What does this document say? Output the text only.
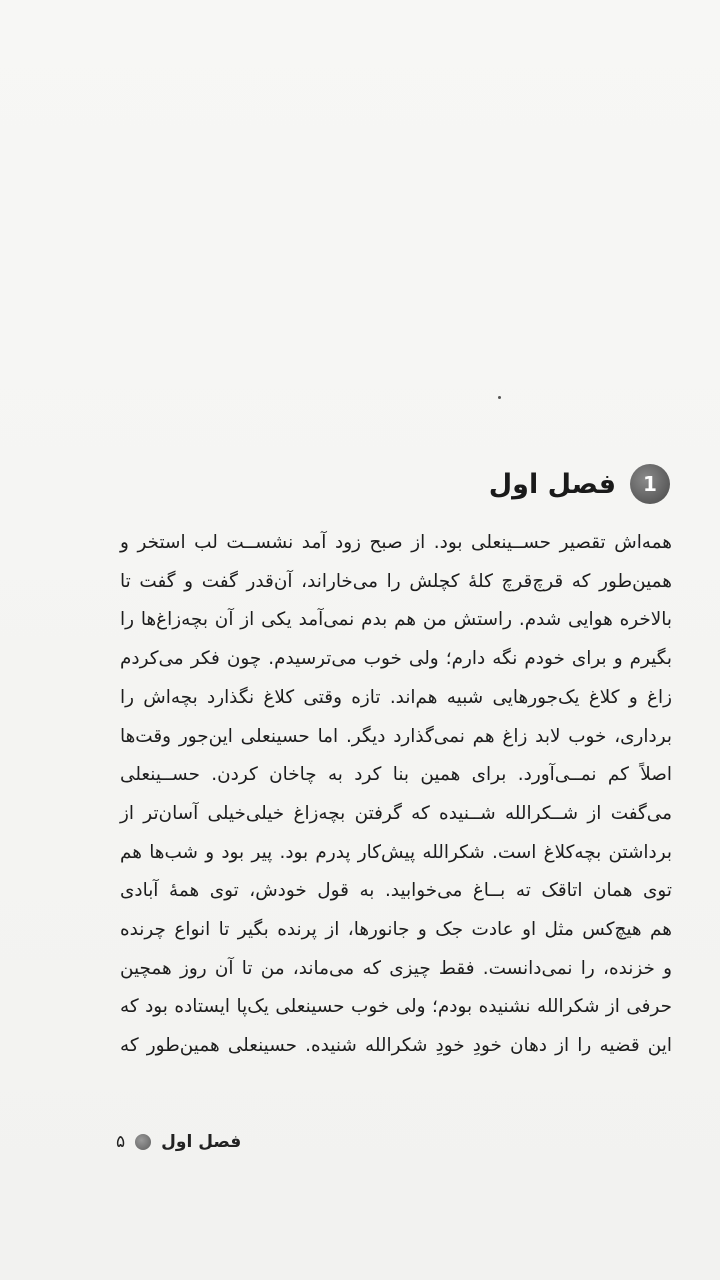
1
فصل اول
همه‌اش تقصیر حســینعلی بود. از صبح زود آمد نشســت لب استخر و
همین‌طور که قرچ‌قرچ کلهٔ کچلش را می‌خاراند، آن‌قدر گفت و گفت تا
بالاخره هوایی شدم. راستش من هم بدم نمی‌آمد یکی از آن بچه‌زاغ‌ها را
بگیرم و برای خودم نگه دارم؛ ولی خوب می‌ترسیدم. چون فکر می‌کردم
زاغ و کلاغ یک‌جورهایی شبیه هم‌اند. تازه وقتی کلاغ نگذارد بچه‌اش را
برداری، خوب لابد زاغ هم نمی‌گذارد دیگر. اما حسینعلی این‌جور وقت‌ها
اصلاً کم نمــی‌آورد. برای همین بنا کرد به چاخان کردن. حســینعلی
می‌گفت از شــکرالله شــنیده که گرفتن بچه‌زاغ خیلی‌خیلی آسان‌تر از
برداشتن بچه‌کلاغ است. شکرالله پیش‌کار پدرم بود. پیر بود و شب‌ها هم
توی همان اتاقک ته بــاغ می‌خوابید. به قول خودش، توی همهٔ آبادی
هم هیچ‌کس مثل او عادت جک و جانورها، از پرنده بگیر تا انواع چرنده
و خزنده، را نمی‌دانست. فقط چیزی که می‌ماند، من تا آن روز همچین
حرفی از شکرالله نشنیده بودم؛ ولی خوب حسینعلی یک‌پا ایستاده بود که
این قضیه را از دهان خودِ خودِ شکرالله شنیده. حسینعلی همین‌طور که
۵ فصل اول
